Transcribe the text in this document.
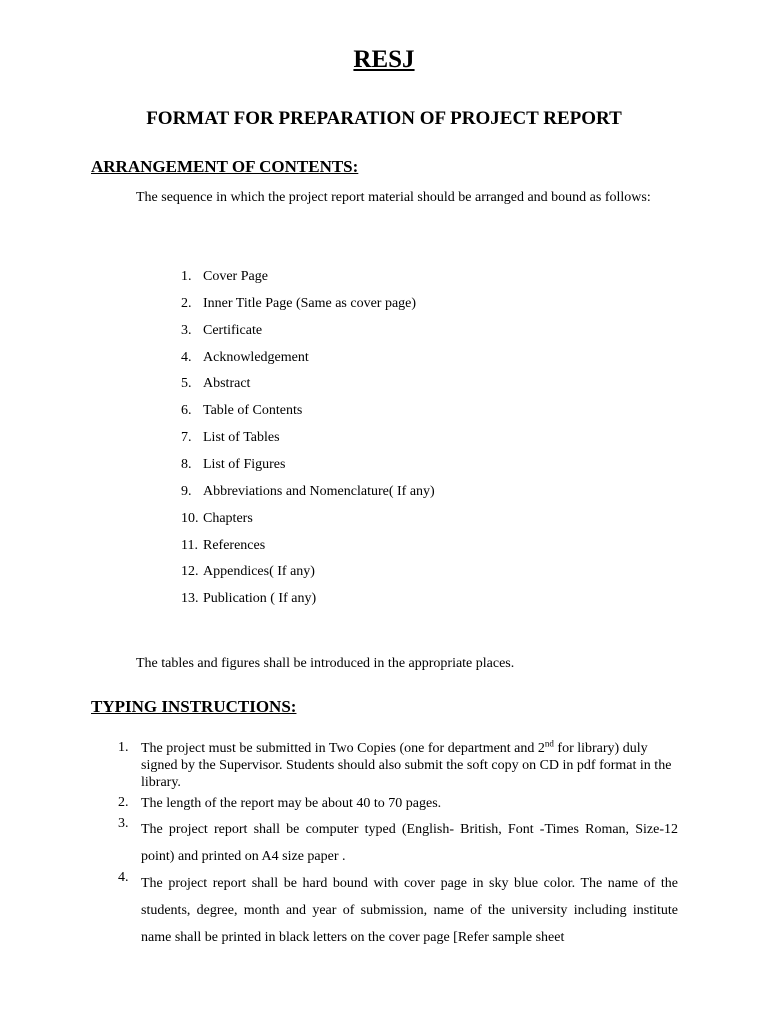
RESJ
FORMAT FOR PREPARATION OF PROJECT REPORT
ARRANGEMENT OF CONTENTS:
The sequence in which the project report material should be arranged and bound as follows:
1. Cover Page
2. Inner Title Page (Same as cover page)
3. Certificate
4. Acknowledgement
5. Abstract
6. Table of Contents
7. List of Tables
8. List of Figures
9. Abbreviations and Nomenclature( If any)
10. Chapters
11. References
12. Appendices( If any)
13. Publication ( If any)
The tables and figures shall be introduced in the appropriate places.
TYPING INSTRUCTIONS:
1. The project must be submitted in Two Copies (one for department and 2nd for library) duly signed by the Supervisor. Students should also submit the soft copy on CD in pdf format in the library.
2. The length of the report may be about 40 to 70 pages.
3. The project report shall be computer typed (English- British, Font -Times Roman, Size-12 point) and printed on A4 size paper .
4. The project report shall be hard bound with cover page in sky blue color. The name of the students, degree, month and year of submission, name of the university including institute name shall be printed in black letters on the cover page [Refer sample sheet
